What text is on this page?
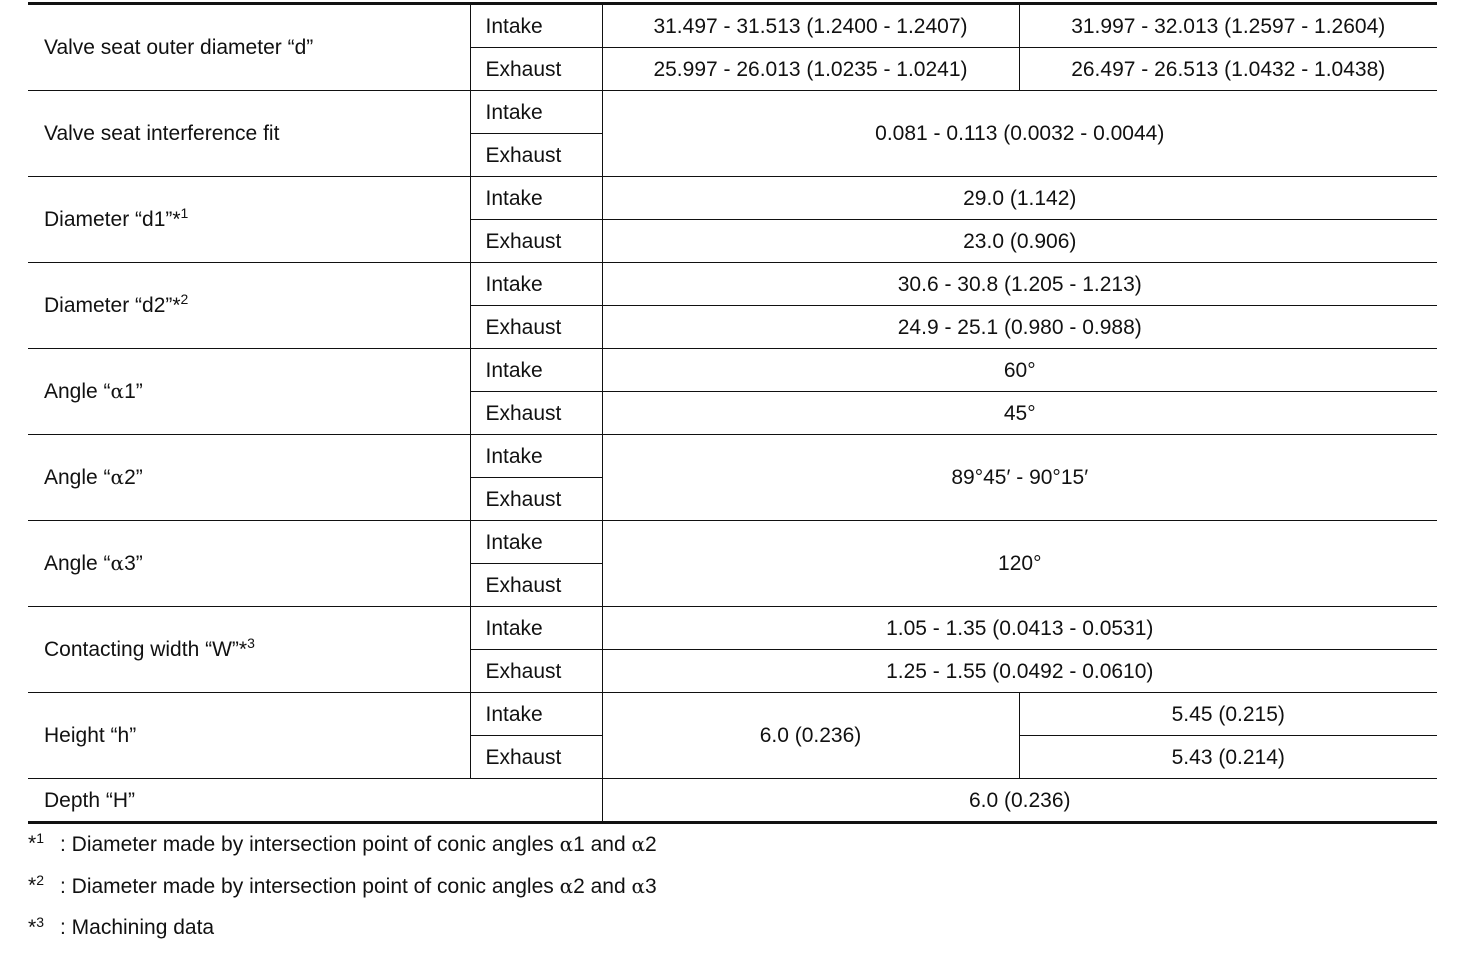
Valve seat outer diameter “d”	Intake	31.497 - 31.513 (1.2400 - 1.2407)	31.997 - 32.013 (1.2597 - 1.2604)
	Exhaust	25.997 - 26.013 (1.0235 - 1.0241)	26.497 - 26.513 (1.0432 - 1.0438)
Valve seat interference fit	Intake	0.081 - 0.113 (0.0032 - 0.0044)	
	Exhaust		
Diameter “d1”*$^1$	Intake	29.0 (1.142)	
	Exhaust	23.0 (0.906)	
Diameter “d2”*$^2$	Intake	30.6 - 30.8 (1.205 - 1.213)	
	Exhaust	24.9 - 25.1 (0.980 - 0.988)	
Angle “α1”	Intake	60°	
	Exhaust	45°	
Angle “α2”	Intake	89°45′ - 90°15′	
	Exhaust		
Angle “α3”	Intake	120°	
	Exhaust		
Contacting width “W”*$^3$	Intake	1.05 - 1.35 (0.0413 - 0.0531)	
	Exhaust	1.25 - 1.55 (0.0492 - 0.0610)	
Height “h”	Intake	6.0 (0.236)	5.45 (0.215)
	Exhaust		5.43 (0.214)
Depth “H”		6.0 (0.236)	
*$^1$ : Diameter made by intersection point of conic angles α1 and α2
*$^2$ : Diameter made by intersection point of conic angles α2 and α3
*$^3$ : Machining data
